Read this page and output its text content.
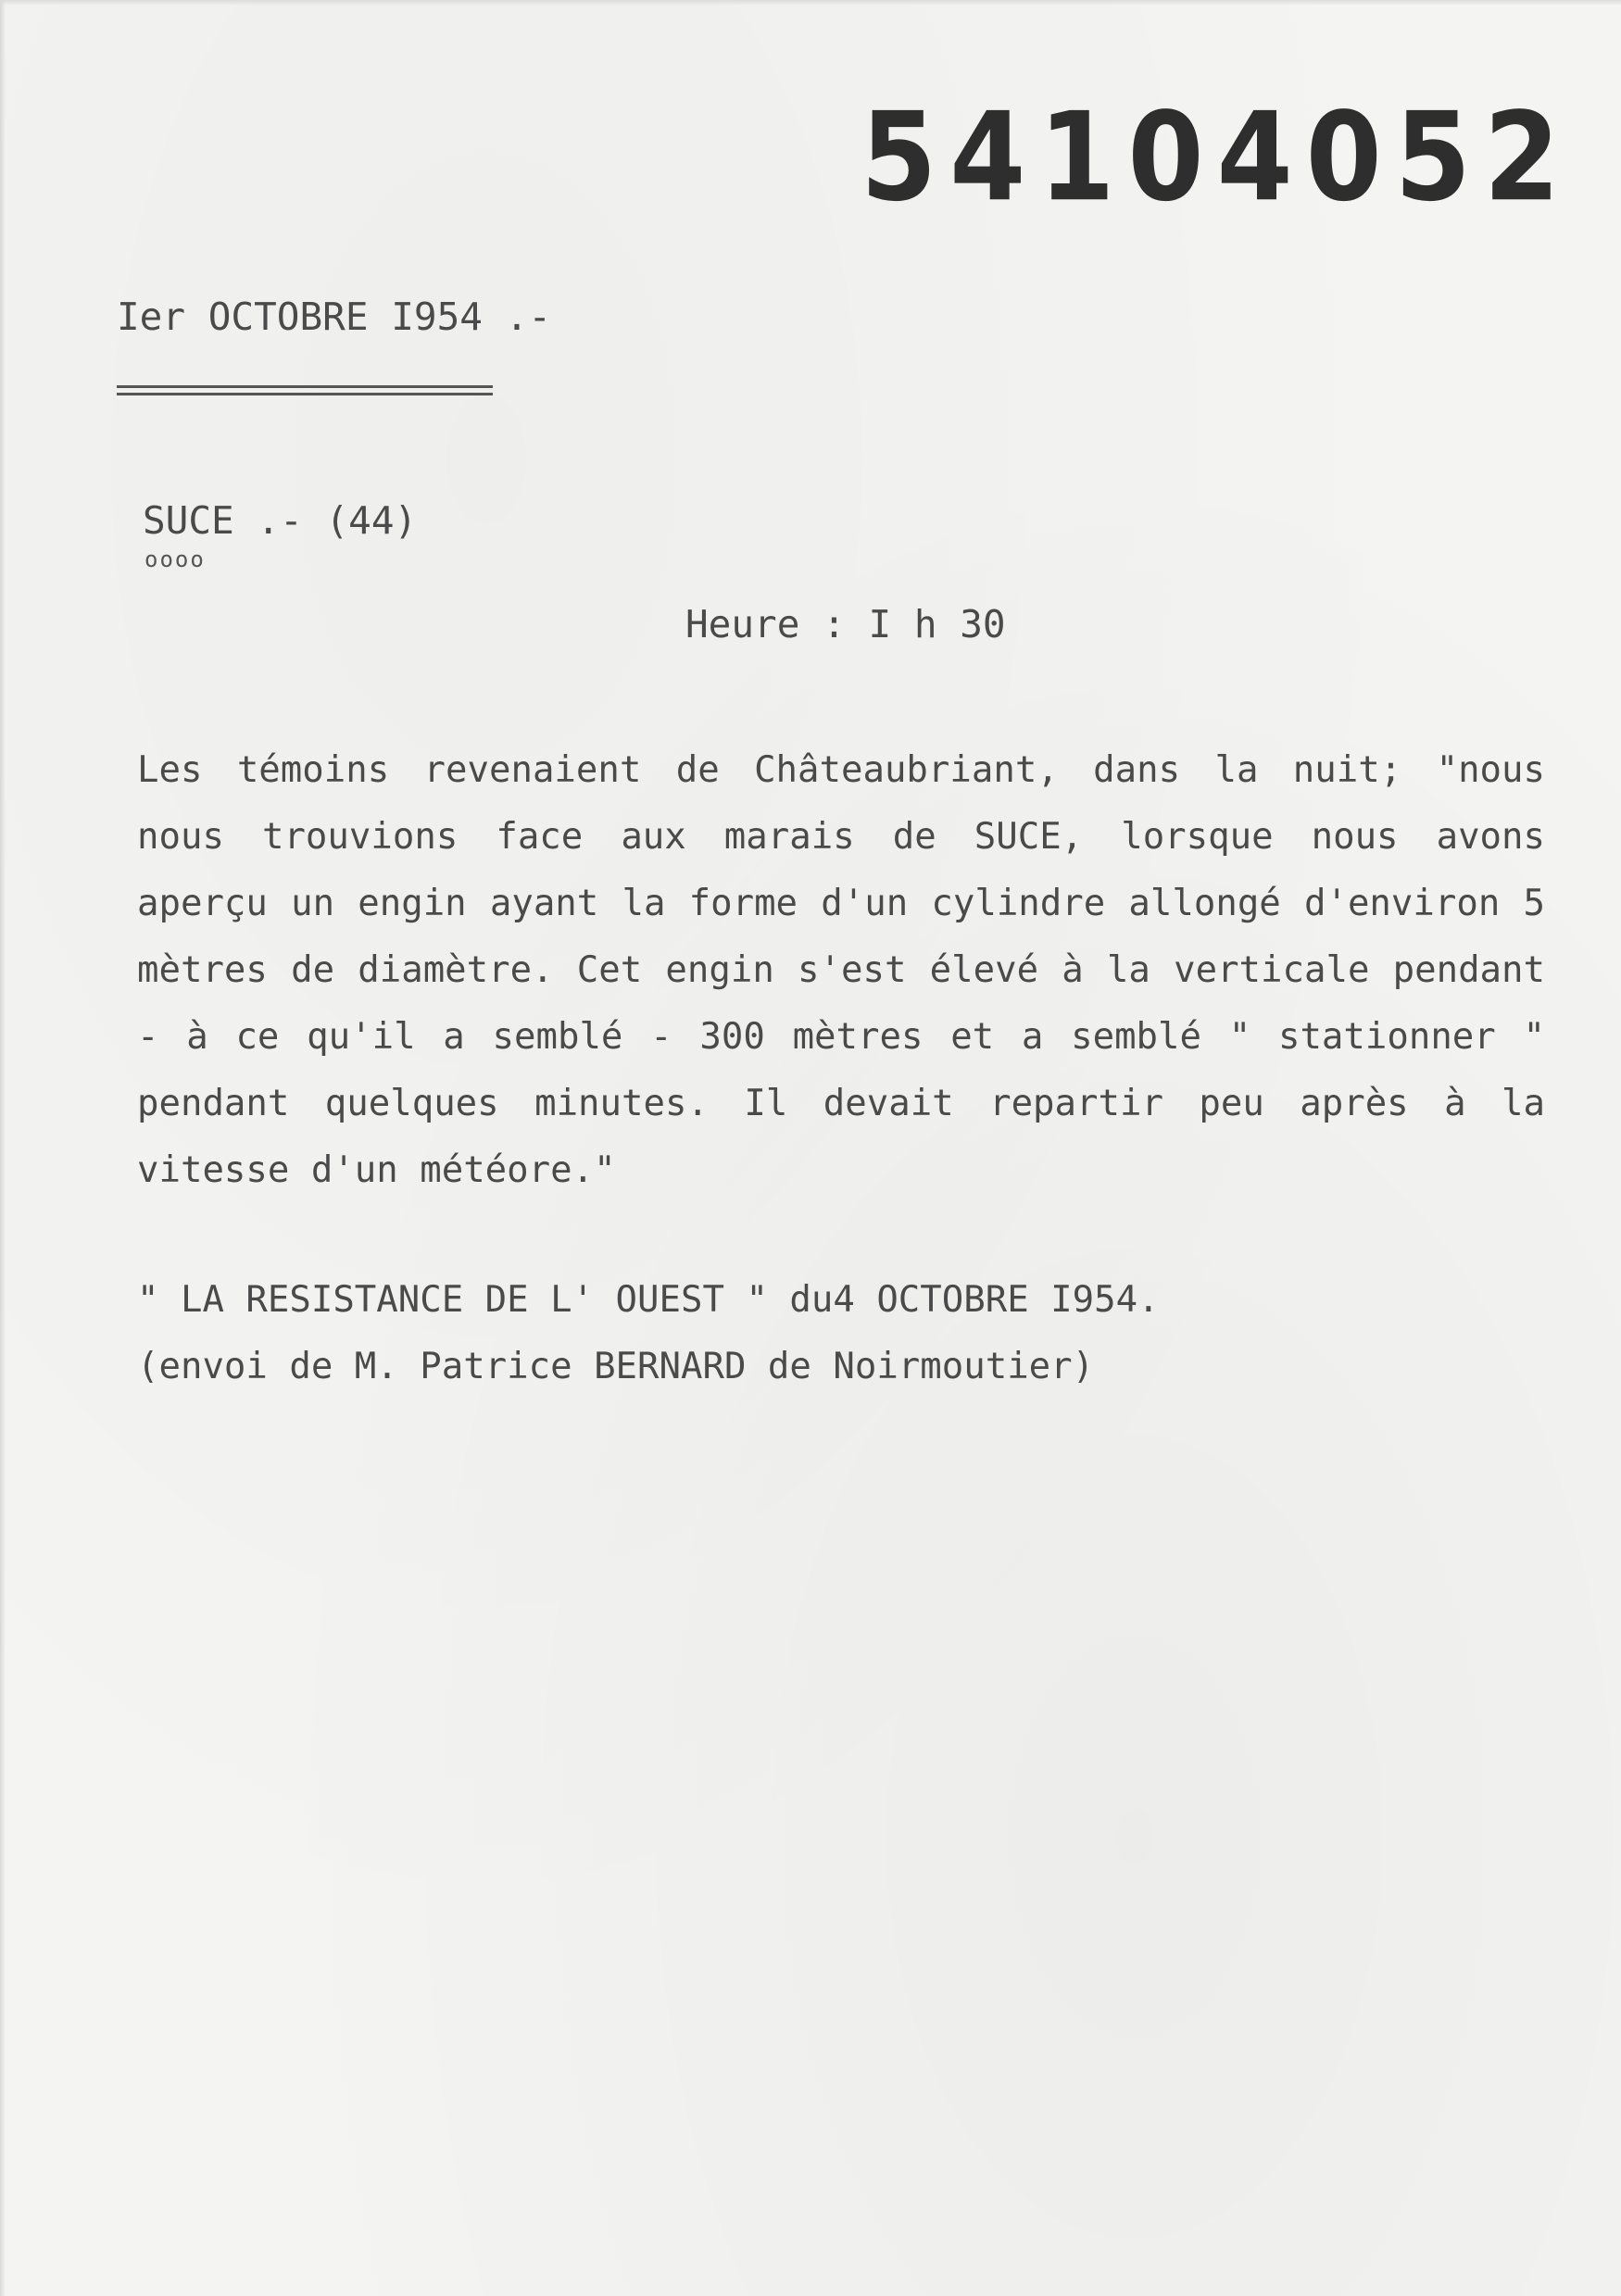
54104052
Ier OCTOBRE I954 .-
SUCE .- (44)
oooo
Heure : I h 30
Les témoins revenaient de Châteaubriant, dans la nuit; "nous nous trouvions face aux marais de SUCE, lorsque nous avons aperçu un engin ayant la forme d'un cylindre allongé d'environ 5 mètres de diamètre. Cet engin s'est élevé à la verticale pendant - à ce qu'il a semblé - 300 mètres et a semblé " stationner " pendant quelques minutes. Il devait repartir peu après à la vitesse d'un météore."
" LA RESISTANCE DE L' OUEST " du4 OCTOBRE I954.
(envoi de M. Patrice BERNARD de Noirmoutier)
